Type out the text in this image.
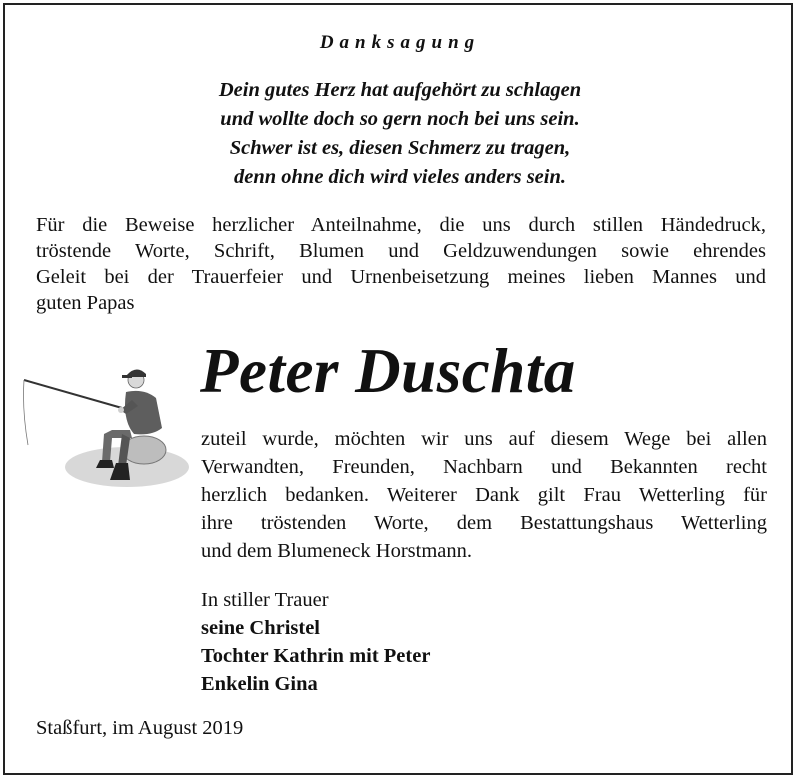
Danksagung
Dein gutes Herz hat aufgehört zu schlagen
und wollte doch so gern noch bei uns sein.
Schwer ist es, diesen Schmerz zu tragen,
denn ohne dich wird vieles anders sein.
Für die Beweise herzlicher Anteilnahme, die uns durch stillen Händedruck,
tröstende Worte, Schrift, Blumen und Geldzuwendungen sowie ehrendes
Geleit bei der Trauerfeier und Urnenbeisetzung meines lieben Mannes und
guten Papas
Peter Duschta
zuteil wurde, möchten wir uns auf diesem Wege bei allen
Verwandten, Freunden, Nachbarn und Bekannten recht
herzlich bedanken. Weiterer Dank gilt Frau Wetterling für
ihre tröstenden Worte, dem Bestattungshaus Wetterling
und dem Blumeneck Horstmann.
In stiller Trauer
seine Christel
Tochter Kathrin mit Peter
Enkelin Gina
Staßfurt, im August 2019
